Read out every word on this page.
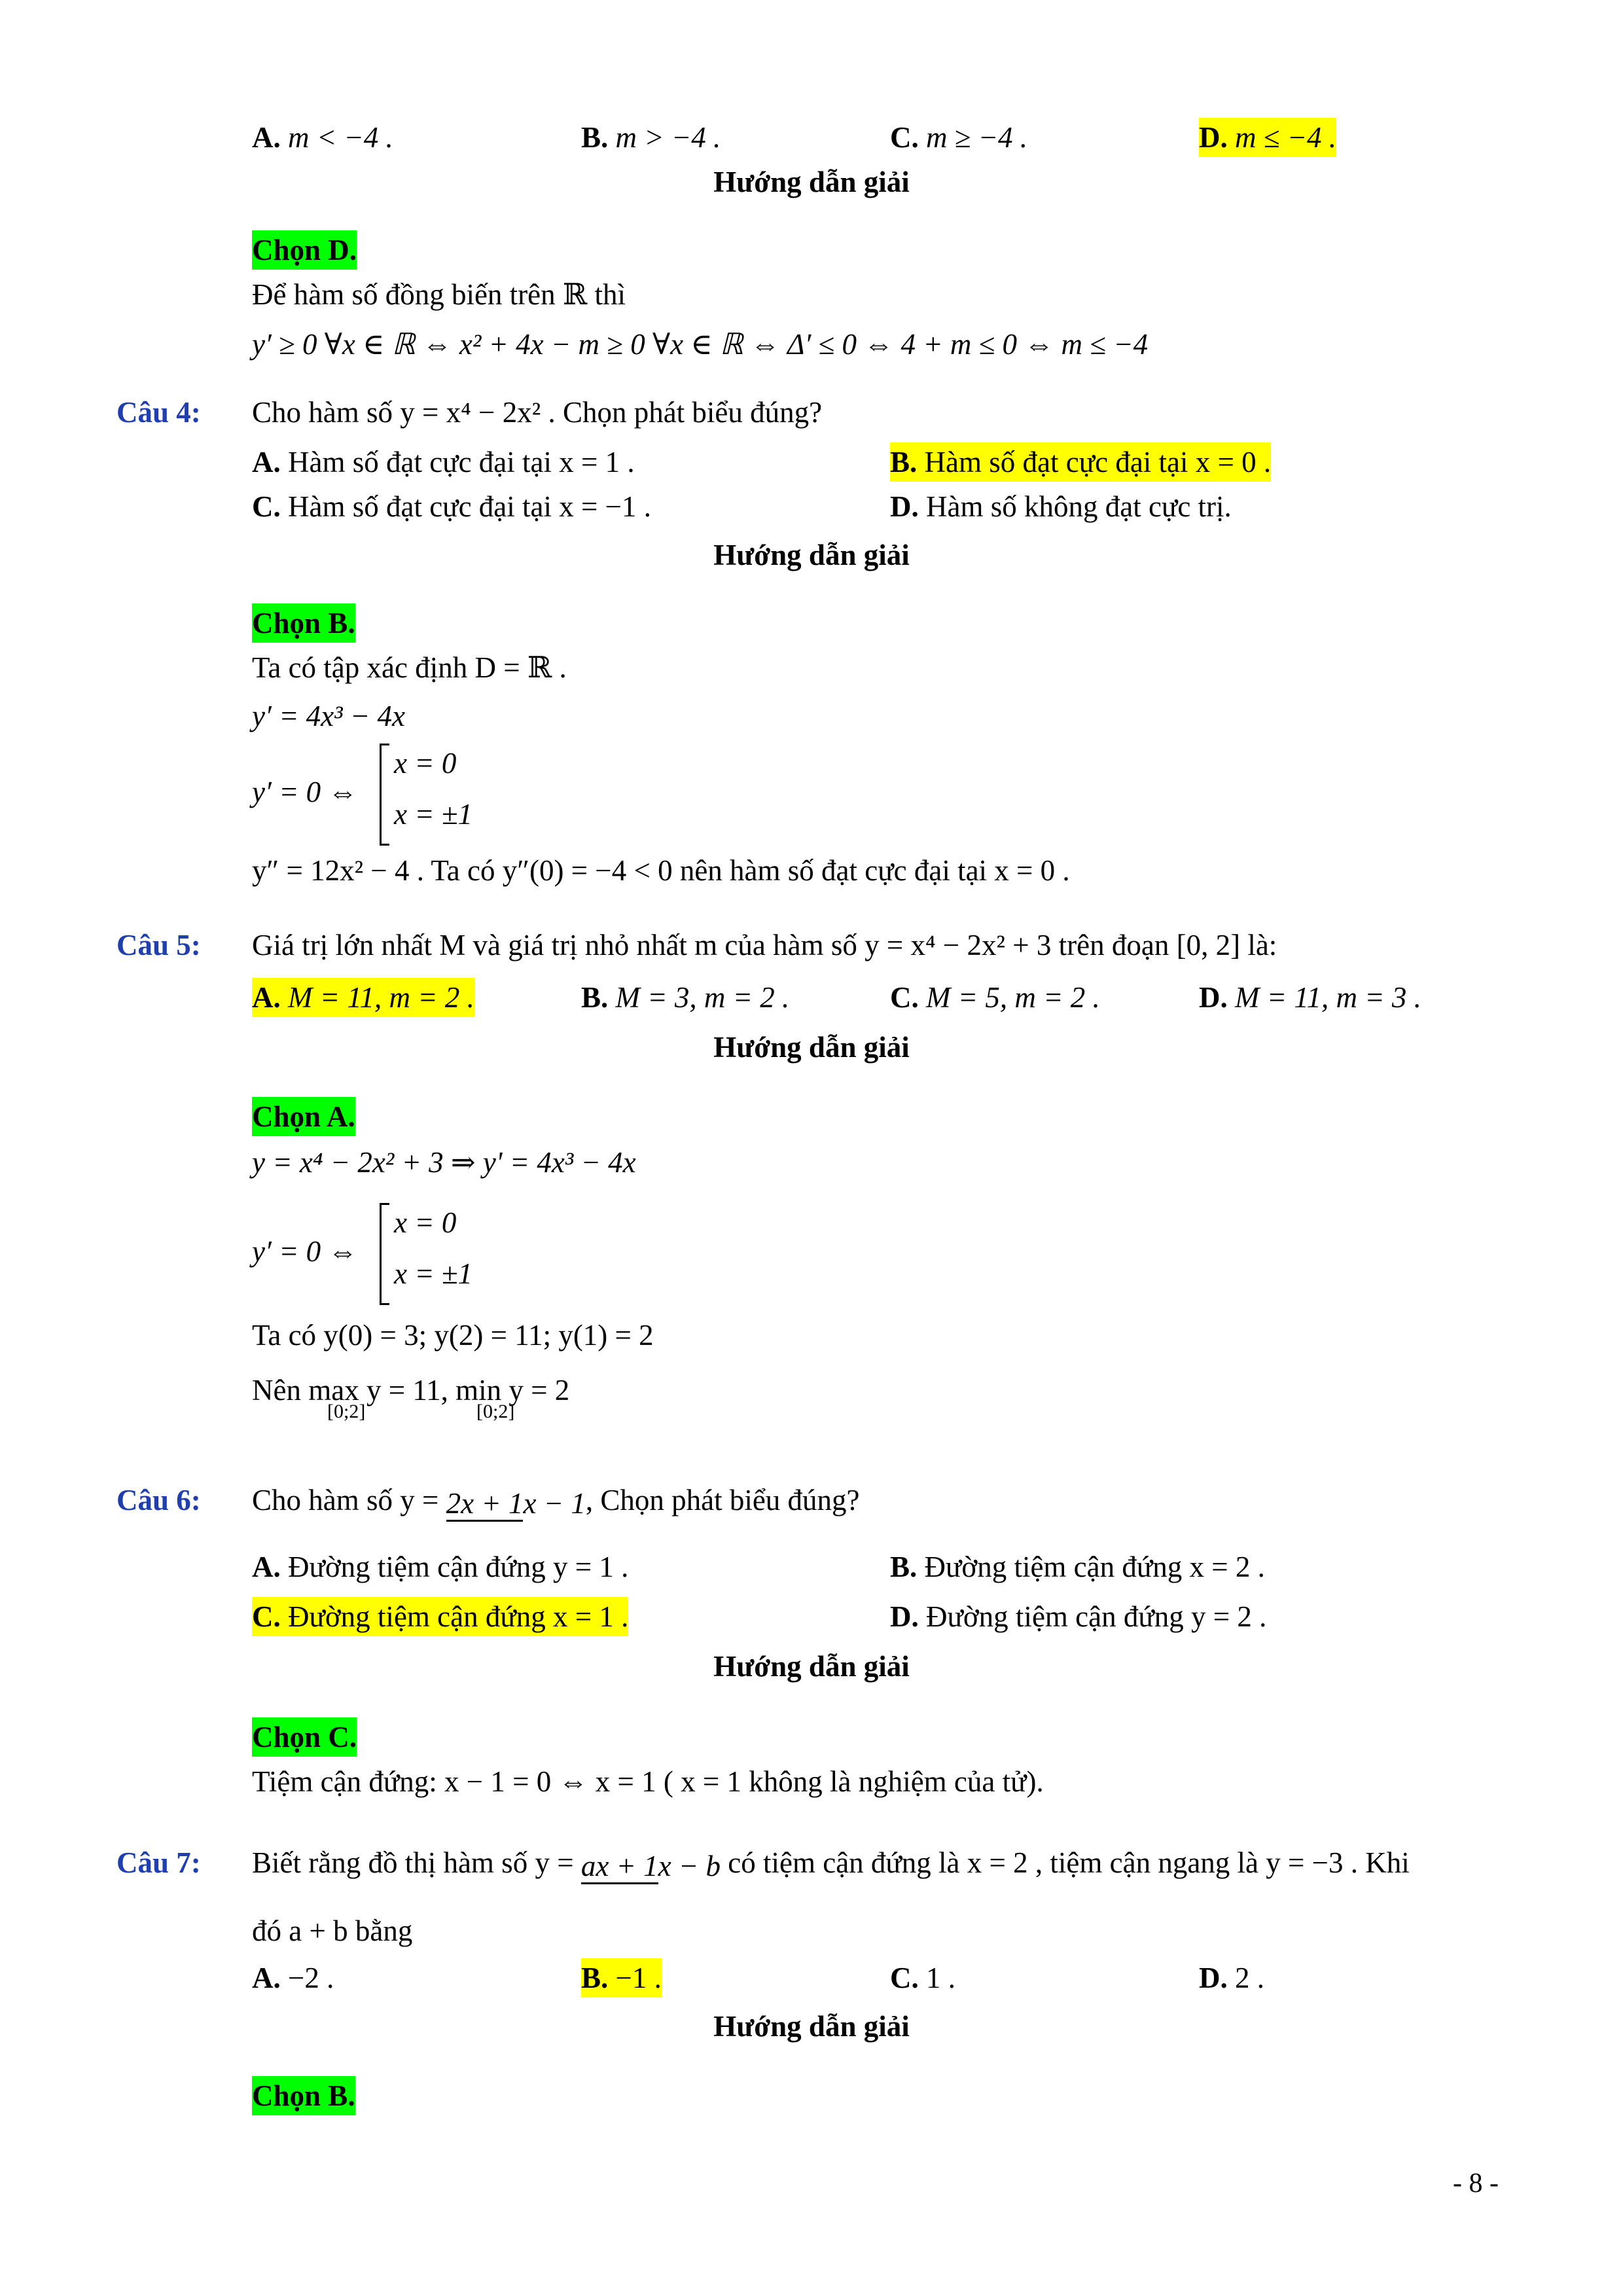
A. m < −4 .	B. m > −4 .	C. m ≥ −4 .	D. m ≤ −4 .
Hướng dẫn giải
Chọn D.
Để hàm số đồng biến trên ℝ thì
y′ ≥ 0 ∀x ∈ ℝ ⇔ x² + 4x − m ≥ 0 ∀x ∈ ℝ ⇔ Δ′ ≤ 0 ⇔ 4 + m ≤ 0 ⇔ m ≤ −4
Câu 4: Cho hàm số y = x⁴ − 2x² . Chọn phát biểu đúng?
A. Hàm số đạt cực đại tại x = 1 .	B. Hàm số đạt cực đại tại x = 0 .
C. Hàm số đạt cực đại tại x = −1 .	D. Hàm số không đạt cực trị.
Hướng dẫn giải
Chọn B.
Ta có tập xác định D = ℝ .
y′ = 4x³ − 4x
y′ = 0 ⇔
x = 0
x = ±1
y″ = 12x² − 4 . Ta có y″(0) = −4 < 0 nên hàm số đạt cực đại tại x = 0 .
Câu 5: Giá trị lớn nhất M và giá trị nhỏ nhất m của hàm số y = x⁴ − 2x² + 3 trên đoạn [0, 2] là:
A. M = 11, m = 2 .	B. M = 3, m = 2 .	C. M = 5, m = 2 .	D. M = 11, m = 3 .
Hướng dẫn giải
Chọn A.
y = x⁴ − 2x² + 3 ⇒ y' = 4x³ − 4x
y′ = 0 ⇔
x = 0
x = ±1
Ta có y(0) = 3; y(2) = 11; y(1) = 2
Nên max y = 11, min y = 2
[0;2]	[0;2]
Câu 6: Cho hàm số y = 2x + 1x − 1, Chọn phát biểu đúng?
A. Đường tiệm cận đứng y = 1 .	B. Đường tiệm cận đứng x = 2 .
C. Đường tiệm cận đứng x = 1 .	D. Đường tiệm cận đứng y = 2 .
Hướng dẫn giải
Chọn C.
Tiệm cận đứng: x − 1 = 0 ⇔ x = 1 ( x = 1 không là nghiệm của tử).
Câu 7: Biết rằng đồ thị hàm số y = ax + 1x − b có tiệm cận đứng là x = 2 , tiệm cận ngang là y = −3 . Khi
đó a + b bằng
A. −2 .	B. −1 .	C. 1 .	D. 2 .
Hướng dẫn giải
Chọn B.
- 8 -
